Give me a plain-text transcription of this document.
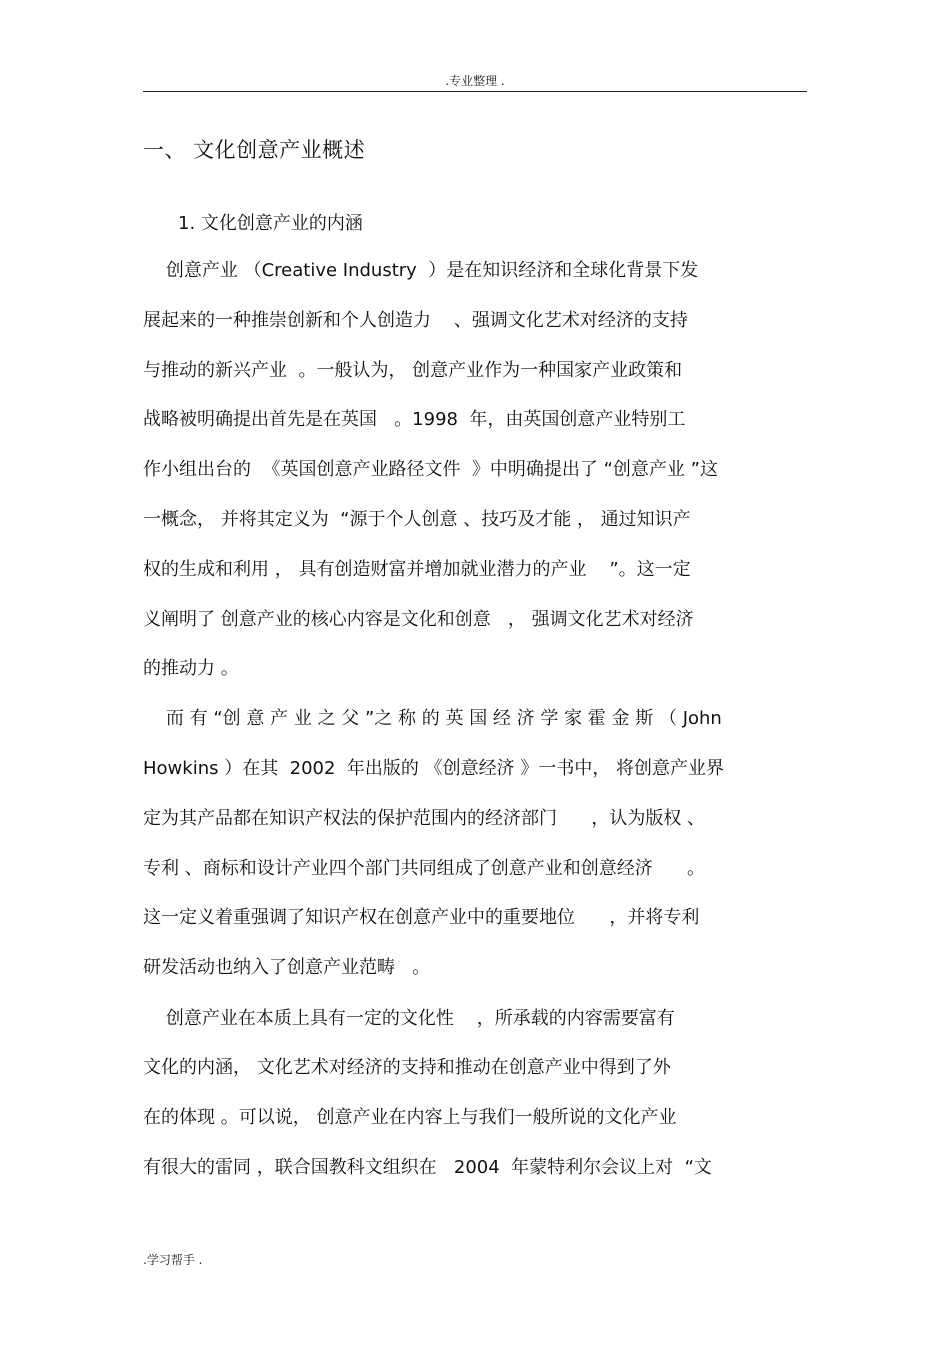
.专业整理 .
一、 文化创意产业概述
1. 文化创意产业的内涵
创意产业 （Creative Industry  ）是在知识经济和全球化背景下发
展起来的一种推崇创新和个人创造力    、强调文化艺术对经济的支持
与推动的新兴产业  。一般认为， 创意产业作为一种国家产业政策和
战略被明确提出首先是在英国   。1998  年，由英国创意产业特别工
作小组出台的  《英国创意产业路径文件  》中明确提出了 “创意产业 ”这
一概念， 并将其定义为  “源于个人创意 、技巧及才能 ， 通过知识产
权的生成和利用 ， 具有创造财富并增加就业潜力的产业    ”。这一定
义阐明了 创意产业的核心内容是文化和创意   ， 强调文化艺术对经济
的推动力 。
而 有 “创 意 产 业 之 父 ”之 称 的 英 国 经 济 学 家 霍 金 斯 （ John
Howkins ）在其  2002  年出版的 《创意经济 》一书中， 将创意产业界
定为其产品都在知识产权法的保护范围内的经济部门      ，认为版权 、
专利 、商标和设计产业四个部门共同组成了创意产业和创意经济      。
这一定义着重强调了知识产权在创意产业中的重要地位      ，并将专利
研发活动也纳入了创意产业范畴   。
创意产业在本质上具有一定的文化性    ，所承载的内容需要富有
文化的内涵， 文化艺术对经济的支持和推动在创意产业中得到了外
在的体现 。可以说， 创意产业在内容上与我们一般所说的文化产业
有很大的雷同 ，联合国教科文组织在   2004  年蒙特利尔会议上对  “文
.学习帮手 .
